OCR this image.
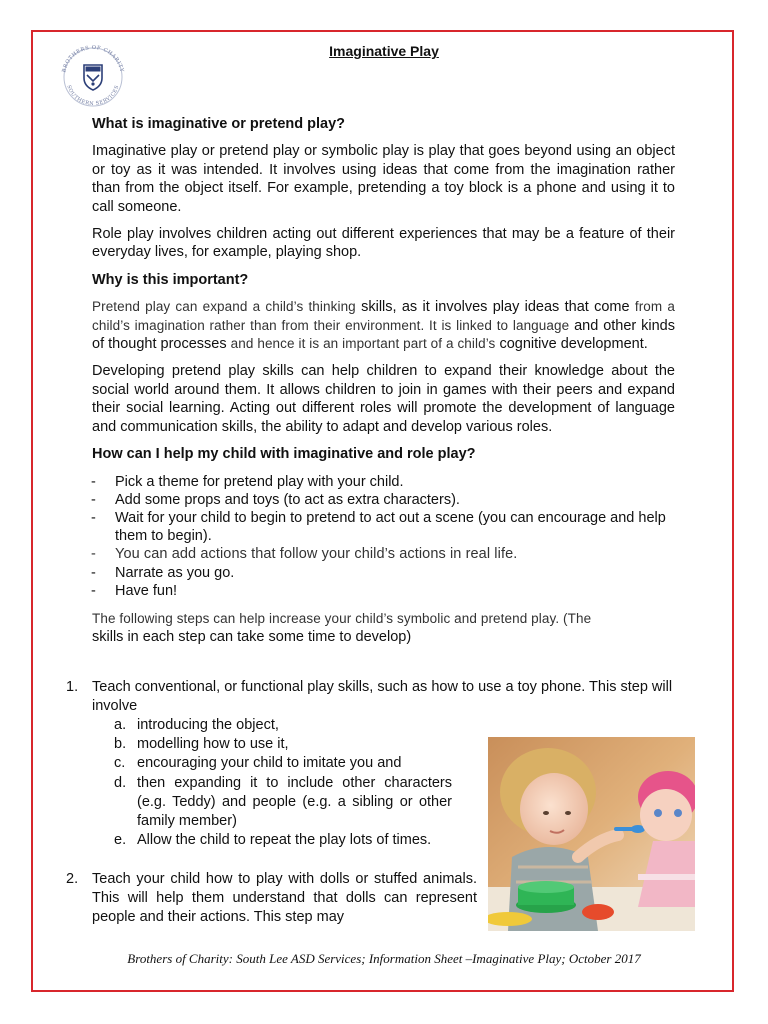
BROTHERS OF CHARITY
SOUTHERN SERVICES
Imaginative Play

What is imaginative or pretend play?

Imaginative play or pretend play or symbolic play is play that goes beyond using an object or toy as it was intended. It involves using ideas that come from the imagination rather than from the object itself. For example, pretending a toy block is a phone and using it to call someone.

Role play involves children acting out different experiences that may be a feature of their everyday lives, for example, playing shop.

Why is this important?

Pretend play can expand a child’s thinking skills, as it involves play ideas that come from a child’s imagination rather than from their environment. It is linked to language and other kinds of thought processes and hence it is an important part of a child’s cognitive development.

Developing pretend play skills can help children to expand their knowledge about the social world around them. It allows children to join in games with their peers and expand their social learning. Acting out different roles will promote the development of language and communication skills, the ability to adapt and develop various roles.

How can I help my child with imaginative and role play?

- Pick a theme for pretend play with your child.
- Add some props and toys (to act as extra characters).
- Wait for your child to begin to pretend to act out a scene (you can encourage and help them to begin).
- You can add actions that follow your child’s actions in real life.
- Narrate as you go.
- Have fun!

The following steps can help increase your child’s symbolic and pretend play. (The
skills in each step can take some time to develop)

1. Teach conventional, or functional play skills, such as how to use a toy phone. This step will involve
a. introducing the object,
b. modelling how to use it,
c. encouraging your child to imitate you and
d. then expanding it to include other characters (e.g. Teddy) and people (e.g. a sibling or other family member)
e. Allow the child to repeat the play lots of times.
2. Teach your child how to play with dolls or stuffed animals. This will help them understand that dolls can represent people and their actions. This step may
Brothers of Charity: South Lee ASD Services; Information Sheet –Imaginative Play; October 2017
